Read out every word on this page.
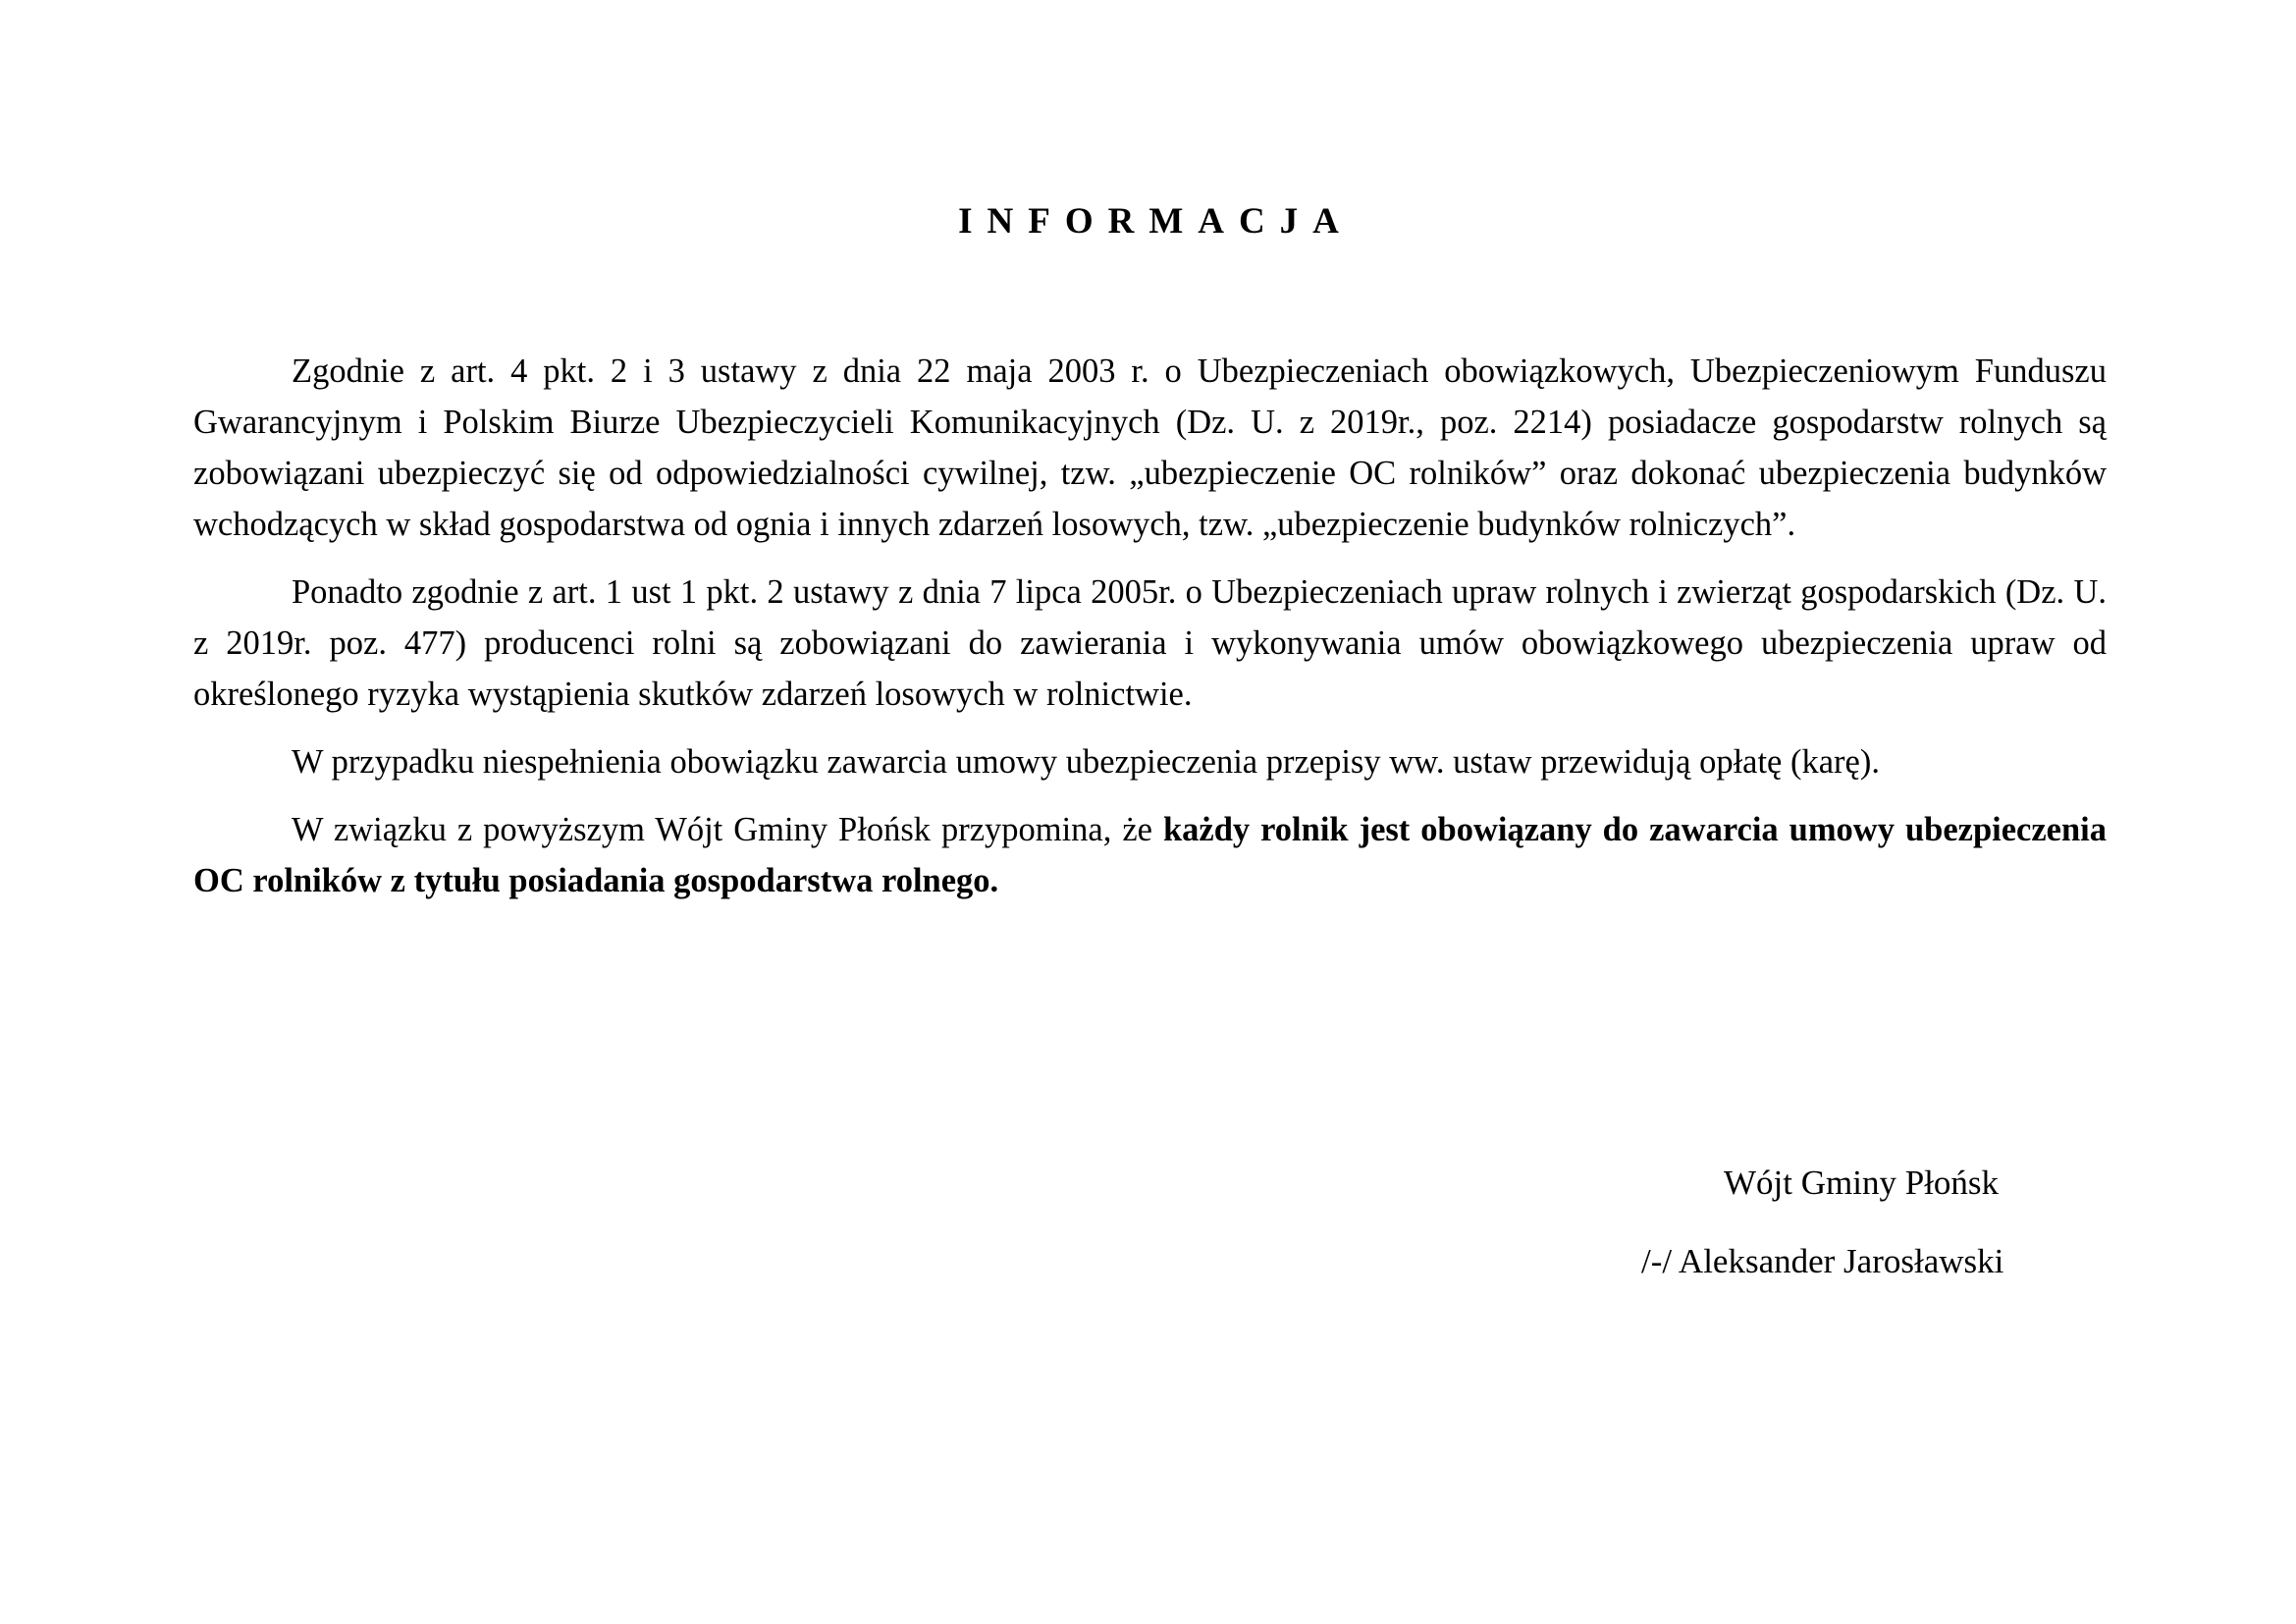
INFORMACJA

Zgodnie z art. 4 pkt. 2 i 3 ustawy z dnia 22 maja 2003 r. o Ubezpieczeniach obowiązkowych, Ubezpieczeniowym Funduszu Gwarancyjnym i Polskim Biurze Ubezpieczycieli Komunikacyjnych (Dz. U. z 2019r., poz. 2214) posiadacze gospodarstw rolnych są zobowiązani ubezpieczyć się od odpowiedzialności cywilnej, tzw. „ubezpieczenie OC rolników” oraz dokonać ubezpieczenia budynków wchodzących w skład gospodarstwa od ognia i innych zdarzeń losowych, tzw. „ubezpieczenie budynków rolniczych”.

Ponadto zgodnie z art. 1 ust 1 pkt. 2 ustawy z dnia 7 lipca 2005r. o Ubezpieczeniach upraw rolnych i zwierząt gospodarskich (Dz. U. z 2019r. poz. 477) producenci rolni są zobowiązani do zawierania i wykonywania umów obowiązkowego ubezpieczenia upraw od określonego ryzyka wystąpienia skutków zdarzeń losowych w rolnictwie.

W przypadku niespełnienia obowiązku zawarcia umowy ubezpieczenia przepisy ww. ustaw przewidują opłatę (karę).

W związku z powyższym Wójt Gminy Płońsk przypomina, że każdy rolnik jest obowiązany do zawarcia umowy ubezpieczenia OC rolników z tytułu posiadania gospodarstwa rolnego.

Wójt Gminy Płońsk
/-/ Aleksander Jarosławski
